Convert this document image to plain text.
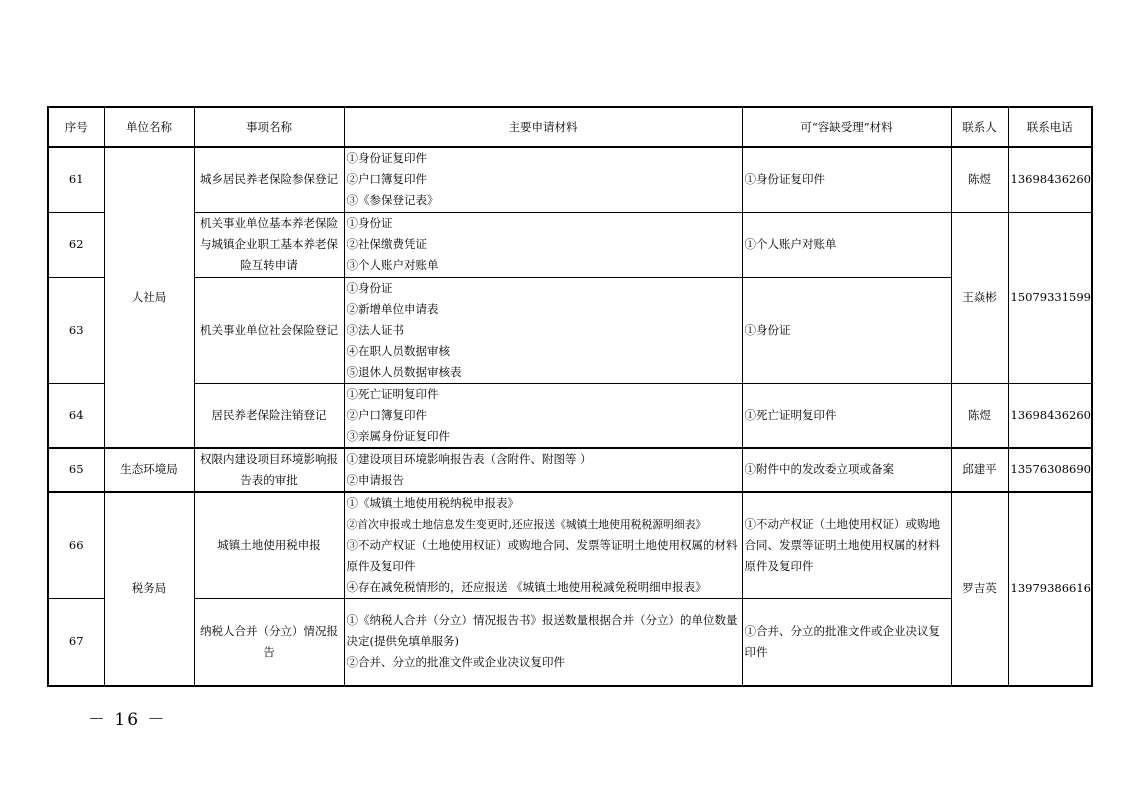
序号	单位名称	事项名称	主要申请材料	可“容缺受理”材料	联系人	联系电话
61	人社局	城乡居民养老保险参保登记	①身份证复印件
②户口簿复印件
③《参保登记表》	①身份证复印件	陈煜	13698436260
62		机关事业单位基本养老保险与城镇企业职工基本养老保险互转申请	①身份证
②社保缴费凭证
③个人账户对账单	①个人账户对账单	王焱彬	15079331599
63		机关事业单位社会保险登记	①身份证
②新增单位申请表
③法人证书
④在职人员数据审核
⑤退休人员数据审核表	①身份证		
64		居民养老保险注销登记	①死亡证明复印件
②户口簿复印件
③亲属身份证复印件	①死亡证明复印件	陈煜	13698436260
65	生态环境局	权限内建设项目环境影响报告表的审批	①建设项目环境影响报告表（含附件、附图等 ）
②申请报告	①附件中的发改委立项或备案	邱建平	13576308690
66	税务局	城镇土地使用税申报	①《城镇土地使用税纳税申报表》
②首次申报或土地信息发生变更时,还应报送《城镇土地使用税税源明细表》
③不动产权证（土地使用权证）或购地合同、发票等证明土地使用权属的材料原件及复印件
④存在减免税情形的，还应报送 《城镇土地使用税减免税明细申报表》	①不动产权证（土地使用权证）或购地合同、发票等证明土地使用权属的材料原件及复印件	罗吉英	13979386616
67		纳税人合并（分立）情况报告	①《纳税人合并（分立）情况报告书》报送数量根据合并（分立）的单位数量决定(提供免填单服务)
②合并、分立的批准文件或企业决议复印件	①合并、分立的批准文件或企业决议复印件		
－ 16 －
